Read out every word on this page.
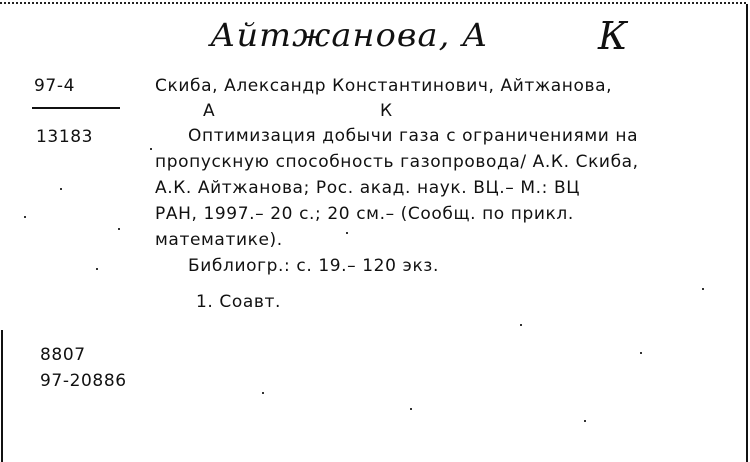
Айтжанова, А	К
97-4
13183
Скиба, Александр Константинович, Айтжанова,
А	К
Оптимизация добычи газа с ограничениями на
пропускную способность газопровода/ А.К. Скиба,
А.К. Айтжанова; Рос. акад. наук. ВЦ.– М.: ВЦ
РАН, 1997.– 20 с.; 20 см.– (Сообщ. по прикл.
математике).
Библиогр.: с. 19.– 120 экз.
1. Соавт.
8807
97-20886
